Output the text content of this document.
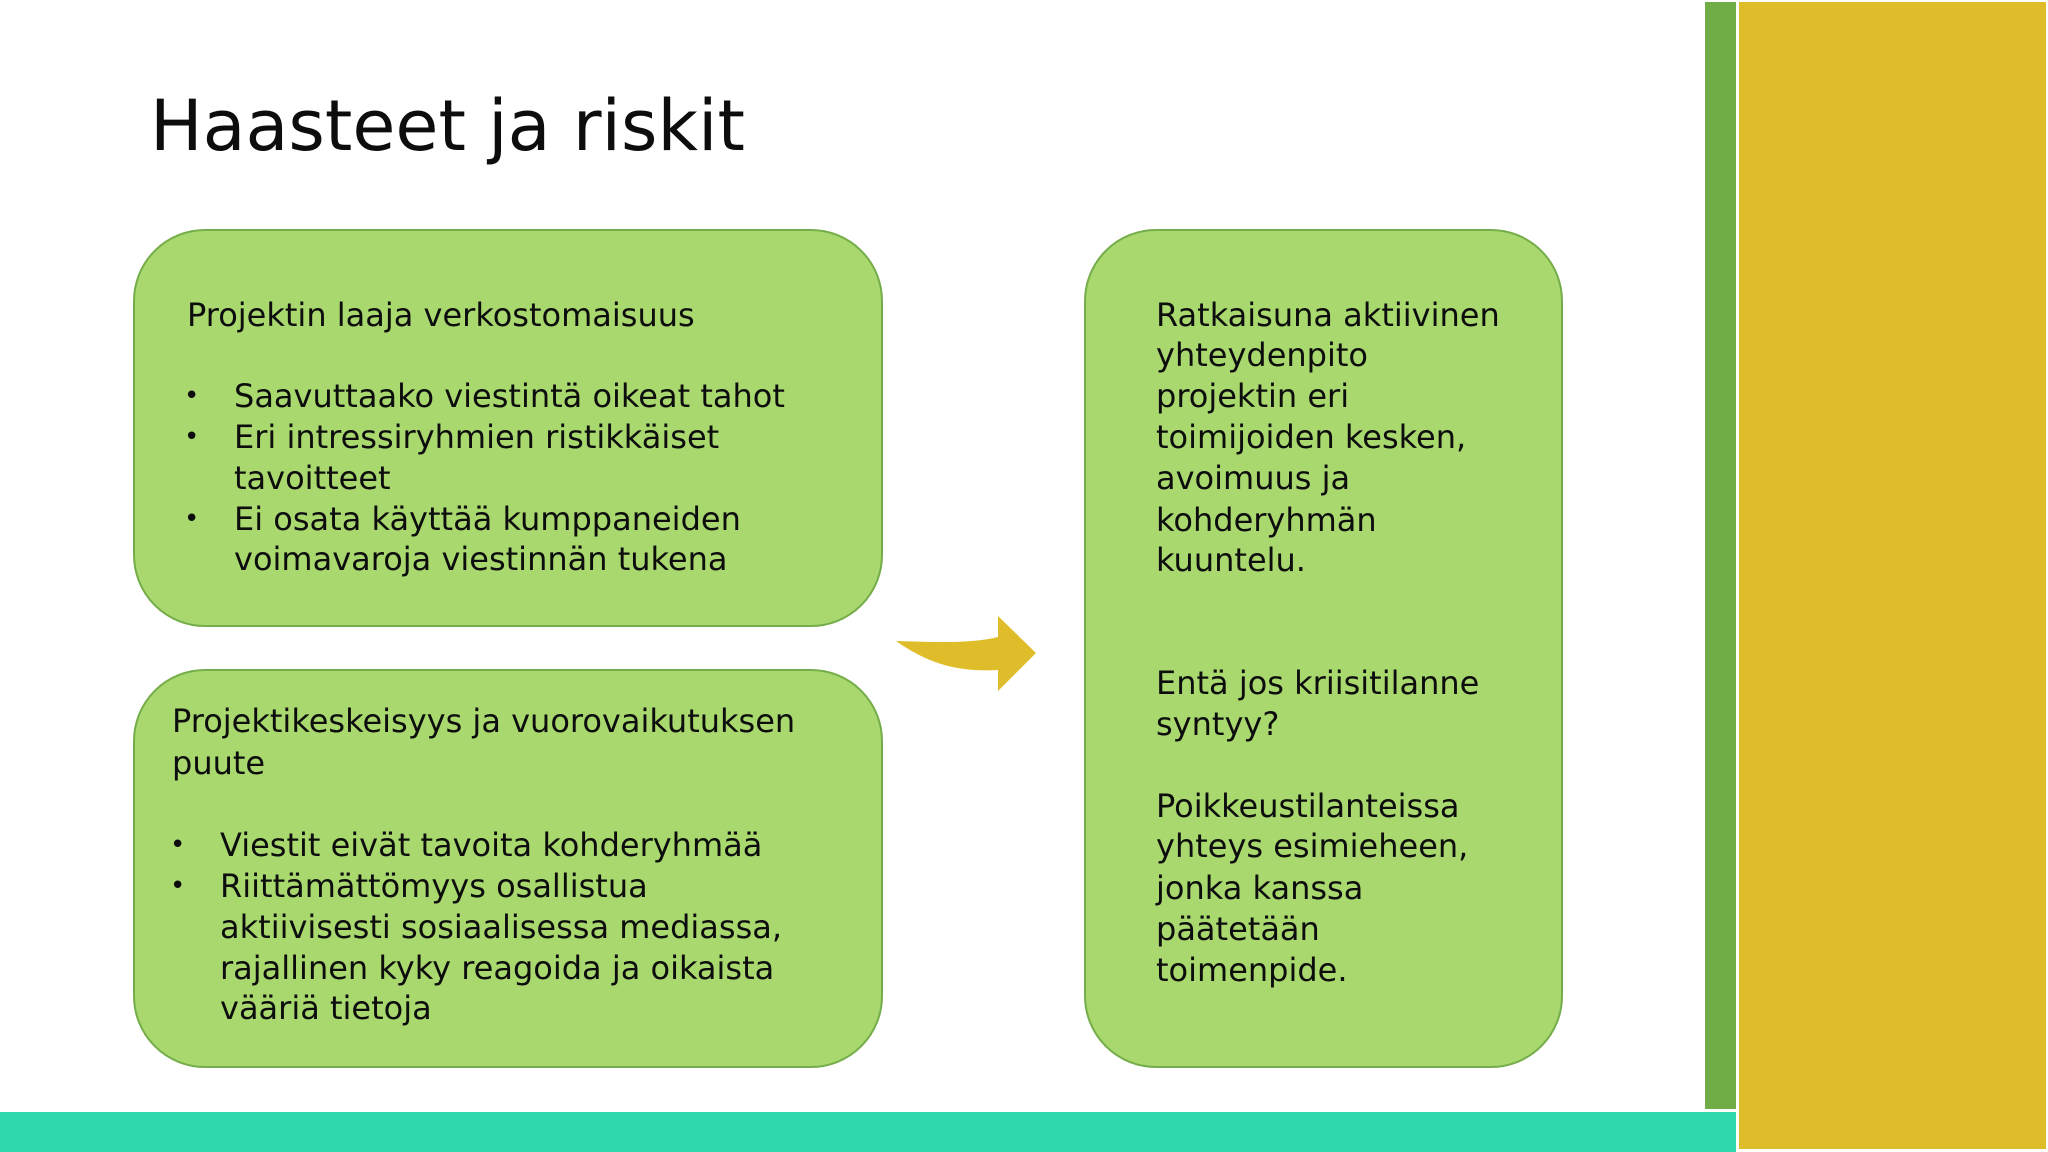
Haasteet ja riskit
Projektin laaja verkostomaisuus
• Saavuttaako viestintä oikeat tahot
• Eri intressiryhmien ristikkäiset
tavoitteet
• Ei osata käyttää kumppaneiden
voimavaroja viestinnän tukena
Projektikeskeisyys ja vuorovaikutuksen
puute
• Viestit eivät tavoita kohderyhmää
• Riittämättömyys osallistua
aktiivisesti sosiaalisessa mediassa,
rajallinen kyky reagoida ja oikaista
vääriä tietoja
Ratkaisuna aktiivinen
yhteydenpito
projektin eri
toimijoiden kesken,
avoimuus ja
kohderyhmän
kuuntelu.
Entä jos kriisitilanne
syntyy?
Poikkeustilanteissa
yhteys esimieheen,
jonka kanssa
päätetään
toimenpide.
